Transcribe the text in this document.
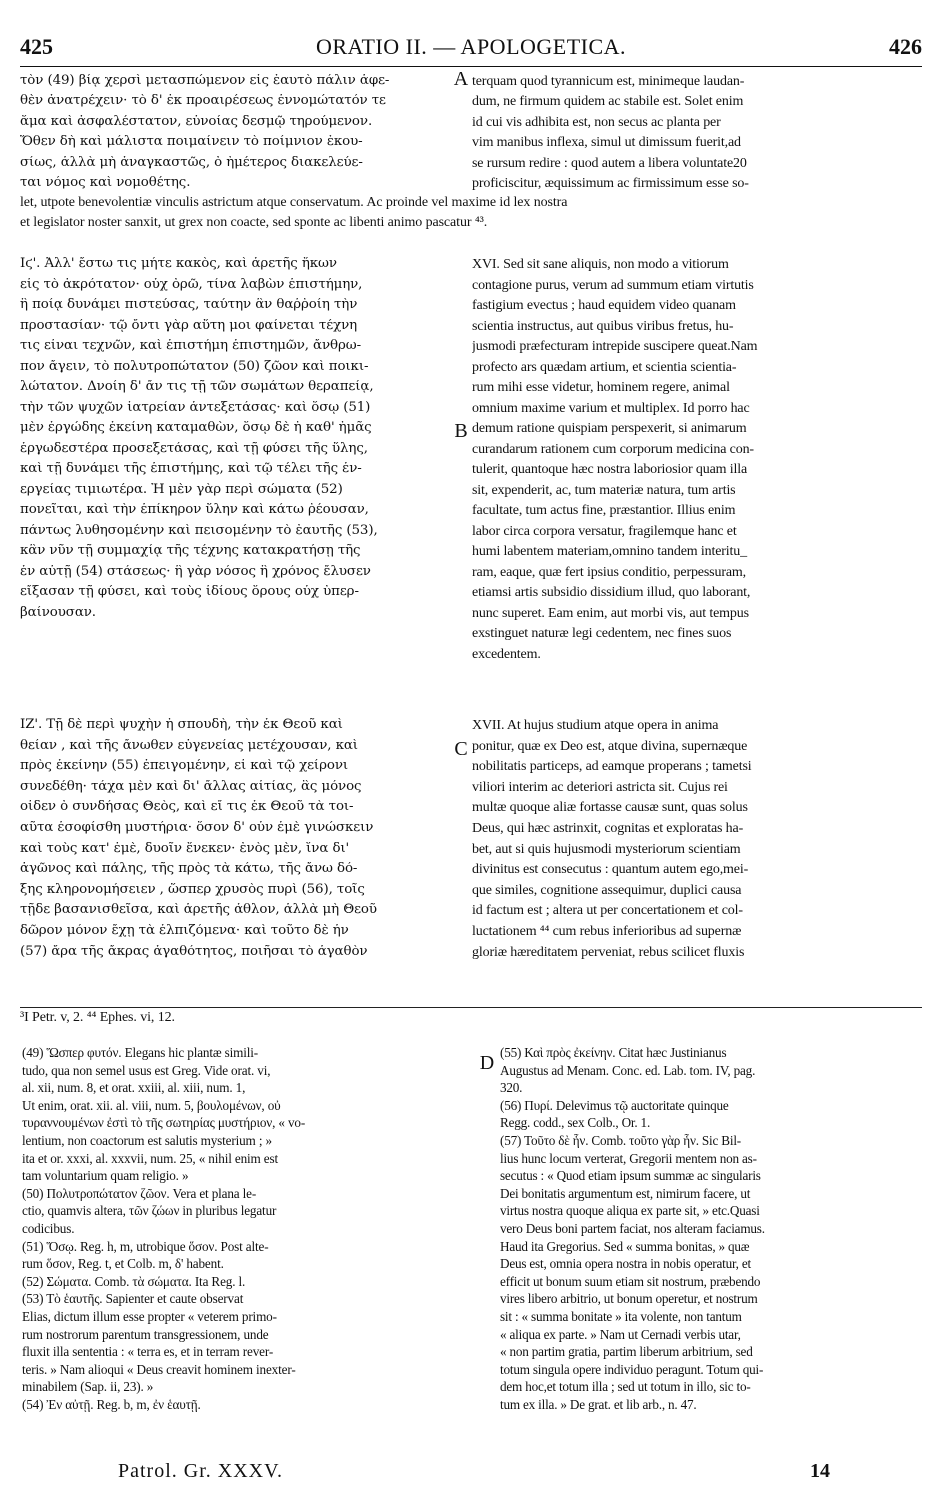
425	ORATIO II. — APOLOGETICA.	426
τὸν (49) βίᾳ χερσὶ μετασπώμενον εἰς ἑαυτὸ πάλιν ἀφε-
θὲν ἀνατρέχειν· τὸ δ' ἐκ προαιρέσεως ἐννομώτατόν τε
ἅμα καὶ ἀσφαλέστατον, εὐνοίας δεσμῷ τηρούμενον.
Ὅθεν δὴ καὶ μάλιστα ποιμαίνειν τὸ ποίμνιον ἑκου-
σίως, ἀλλὰ μὴ ἀναγκαστῶς, ὁ ἡμέτερος διακελεύε-
ται νόμος καὶ νομοθέτης.
terquam quod tyrannicum est, minimeque laudan-
dum, ne firmum quidem ac stabile est. Solet enim
id cui vis adhibita est, non secus ac planta per
vim manibus inflexa, simul ut dimissum fuerit,ad
se rursum redire : quod autem a libera voluntate20
proficiscitur, æquissimum ac firmissimum esse so-
let, utpote benevolentiæ vinculis astrictum atque conservatum. Ac proinde vel maxime id lex nostra
et legislator noster sanxit, ut grex non coacte, sed sponte ac libenti animo pascatur ⁴³.
Ιϛ'. Ἀλλ' ἔστω τις μήτε κακὸς, καὶ ἀρετῆς ἥκων
εἰς τὸ ἀκρότατον· οὐχ ὁρῶ, τίνα λαβὼν ἐπιστήμην,
ἢ ποίᾳ δυνάμει πιστεύσας, ταύτην ἂν θαῤῥοίη τὴν
προστασίαν· τῷ ὄντι γὰρ αὕτη μοι φαίνεται τέχνη
τις εἶναι τεχνῶν, καὶ ἐπιστήμη ἐπιστημῶν, ἄνθρω-
πον ἄγειν, τὸ πολυτροπώτατον (50) ζῶον καὶ ποικι-
λώτατον. Δνοίη δ' ἄν τις τῇ τῶν σωμάτων θεραπείᾳ,
τὴν τῶν ψυχῶν ἰατρείαν ἀντεξετάσας· καὶ ὅσῳ (51)
μὲν ἐργώδης ἐκείνη καταμαθὼν, ὅσῳ δὲ ἡ καθ' ἡμᾶς
ἐργωδεστέρα προσεξετάσας, καὶ τῇ φύσει τῆς ὕλης,
καὶ τῇ δυνάμει τῆς ἐπιστήμης, καὶ τῷ τέλει τῆς ἐν-
εργείας τιμιωτέρα. Ἡ μὲν γὰρ περὶ σώματα (52)
πονεῖται, καὶ τὴν ἐπίκηρον ὕλην καὶ κάτω ῥέουσαν,
πάντως λυθησομένην καὶ πεισομένην τὸ ἑαυτῆς (53),
κἂν νῦν τῇ συμμαχίᾳ τῆς τέχνης κατακρατήσῃ τῆς
ἐν αὐτῇ (54) στάσεως· ἢ γὰρ νόσος ἢ χρόνος ἔλυσεν
εἴξασαν τῇ φύσει, καὶ τοὺς ἰδίους ὅρους οὐχ ὑπερ-
βαίνουσαν.
XVI. Sed sit sane aliquis, non modo a vitiorum
contagione purus, verum ad summum etiam virtutis
fastigium evectus ; haud equidem video quanam
scientia instructus, aut quibus viribus fretus, hu-
jusmodi præfecturam intrepide suscipere queat.Nam
profecto ars quædam artium, et scientia scientia-
rum mihi esse videtur, hominem regere, animal
omnium maxime varium et multiplex. Id porro hac
demum ratione quispiam perspexerit, si animarum
curandarum rationem cum corporum medicina con-
tulerit, quantoque hæc nostra laboriosior quam illa
sit, expenderit, ac, tum materiæ natura, tum artis
facultate, tum actus fine, præstantior. Illius enim
labor circa corpora versatur, fragilemque hanc et
humi labentem materiam,omnino tandem interitu_
ram, eaque, quæ fert ipsius conditio, perpessuram,
etiamsi artis subsidio dissidium illud, quo laborant,
nunc superet. Eam enim, aut morbi vis, aut tempus
exstinguet naturæ legi cedentem, nec fines suos
excedentem.
ΙΖ'. Τῇ δὲ περὶ ψυχὴν ἡ σπουδὴ, τὴν ἐκ Θεοῦ καὶ
θείαν , καὶ τῆς ἄνωθεν εὐγενείας μετέχουσαν, καὶ
πρὸς ἐκείνην (55) ἐπειγομένην, εἰ καὶ τῷ χείρονι
συνεδέθη· τάχα μὲν καὶ δι' ἄλλας αἰτίας, ἃς μόνος
οἶδεν ὁ συνδήσας Θεὸς, καὶ εἴ τις ἐκ Θεοῦ τὰ τοι-
αῦτα ἐσοφίσθη μυστήρια· ὅσον δ' οὖν ἐμὲ γινώσκειν
καὶ τοὺς κατ' ἐμὲ, δυοῖν ἕνεκεν· ἑνὸς μὲν, ἵνα δι'
ἀγῶνος καὶ πάλης, τῆς πρὸς τὰ κάτω, τῆς ἄνω δό-
ξης κληρονομήσειεν , ὥσπερ χρυσὸς πυρὶ (56), τοῖς
τῇδε βασανισθεῖσα, καὶ ἀρετῆς ἆθλον, ἀλλὰ μὴ Θεοῦ
δῶρον μόνον ἔχῃ τὰ ἐλπιζόμενα· καὶ τοῦτο δὲ ἦν
(57) ἄρα τῆς ἄκρας ἀγαθότητος, ποιῆσαι τὸ ἀγαθὸν
XVII. At hujus studium atque opera in anima
ponitur, quæ ex Deo est, atque divina, supernæque
nobilitatis particeps, ad eamque properans ; tametsi
viliori interim ac deteriori astricta sit. Cujus rei
multæ quoque aliæ fortasse causæ sunt, quas solus
Deus, qui hæc astrinxit, cognitas et exploratas ha-
bet, aut si quis hujusmodi mysteriorum scientiam
divinitus est consecutus : quantum autem ego,mei-
que similes, cognitione assequimur, duplici causa
id factum est ; altera ut per concertationem et col-
luctationem ⁴⁴ cum rebus inferioribus ad supernæ
gloriæ hæreditatem perveniat, rebus scilicet fluxis
A
B
C
D
³I Petr. v, 2. ⁴⁴ Ephes. vi, 12.
(49) Ὥσπερ φυτόν. Elegans hic plantæ simili-
tudo, qua non semel usus est Greg. Vide orat. vi,
al. xii, num. 8, et orat. xxiii, al. xiii, num. 1,
Ut enim, orat. xii. al. viii, num. 5, βουλομένων, οὐ
τυραννουμένων ἐστὶ τὸ τῆς σωτηρίας μυστήριον, « vo-
lentium, non coactorum est salutis mysterium ; »
ita et or. xxxi, al. xxxvii, num. 25, « nihil enim est
tam voluntarium quam religio. »
(50) Πολυτροπώτατον ζῶον. Vera et plana le-
ctio, quamvis altera, τῶν ζώων in pluribus legatur
codicibus.
(51) Ὅσῳ. Reg. h, m, utrobique ὅσον. Post alte-
rum ὅσον, Reg. t, et Colb. m, δ' habent.
(52) Σώματα. Comb. τὰ σώματα. Ita Reg. l.
(53) Τὸ ἑαυτῆς. Sapienter et caute observat
Elias, dictum illum esse propter « veterem primo-
rum nostrorum parentum transgressionem, unde
fluxit illa sententia : « terra es, et in terram rever-
teris. » Nam alioqui « Deus creavit hominem inexter-
minabilem (Sap. ii, 23). »
(54) Ἐν αὐτῇ. Reg. b, m, ἐν ἑαυτῇ.
(55) Καὶ πρὸς ἐκείνην. Citat hæc Justinianus
Augustus ad Menam. Conc. ed. Lab. tom. IV, pag.
320.
(56) Πυρί. Delevimus τῷ auctoritate quinque
Regg. codd., sex Colb., Or. 1.
(57) Τοῦτο δὲ ἦν. Comb. τοῦτο γὰρ ἦν. Sic Bil-
lius hunc locum verterat, Gregorii mentem non as-
secutus : « Quod etiam ipsum summæ ac singularis
Dei bonitatis argumentum est, nimirum facere, ut
virtus nostra quoque aliqua ex parte sit, » etc.Quasi
vero Deus boni partem faciat, nos alteram faciamus.
Haud ita Gregorius. Sed « summa bonitas, » quæ
Deus est, omnia opera nostra in nobis operatur, et
efficit ut bonum suum etiam sit nostrum, præbendo
vires libero arbitrio, ut bonum operetur, et nostrum
sit : « summa bonitate » ita volente, non tantum
« aliqua ex parte. » Nam ut Cernadi verbis utar,
« non partim gratia, partim liberum arbitrium, sed
totum singula opere individuo peragunt. Totum qui-
dem hoc,et totum illa ; sed ut totum in illo, sic to-
tum ex illa. » De grat. et lib arb., n. 47.
Patrol. Gr. XXXV.	14
